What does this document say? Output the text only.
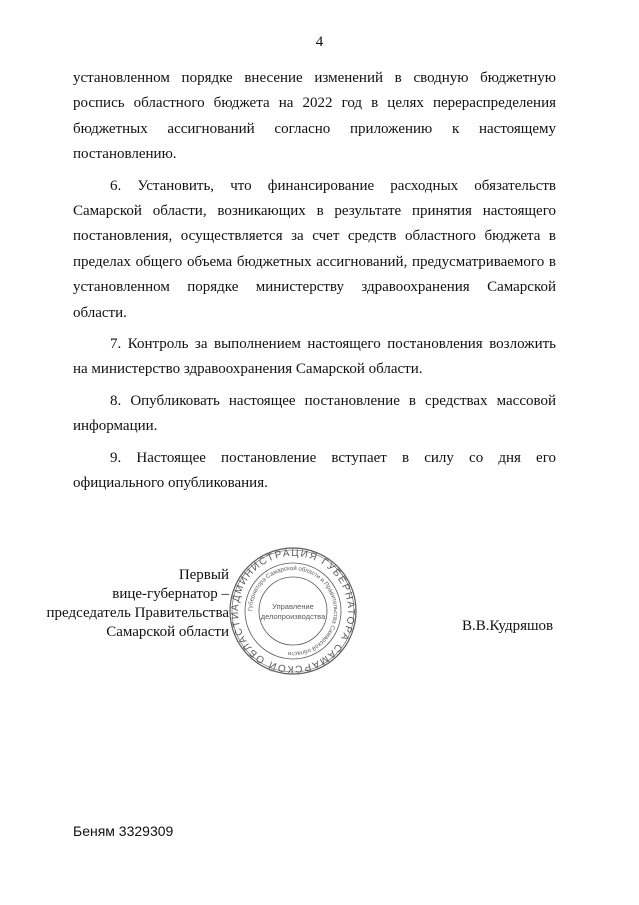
4

установленном порядке внесение изменений в сводную бюджетную роспись областного бюджета на 2022 год в целях перераспределения бюджетных ассигнований согласно приложению к настоящему постановлению.

6. Установить, что финансирование расходных обязательств Самарской области, возникающих в результате принятия настоящего постановления, осуществляется за счет средств областного бюджета в пределах общего объема бюджетных ассигнований, предусматриваемого в установленном порядке министерству здравоохранения Самарской области.

7. Контроль за выполнением настоящего постановления возложить на министерство здравоохранения Самарской области.

8. Опубликовать настоящее постановление в средствах массовой информации.

9. Настоящее постановление вступает в силу со дня его официального опубликования.

Первый
вице-губернатор –
председатель Правительства
Самарской области
АДМИНИСТРАЦИЯ ГУБЕРНАТОРА САМАРСКОЙ ОБЛАСТИ
Губернатора Самарской области и Правительства Самарской области
Управление
делопроизводства
В.В.Кудряшов
Беням 3329309
